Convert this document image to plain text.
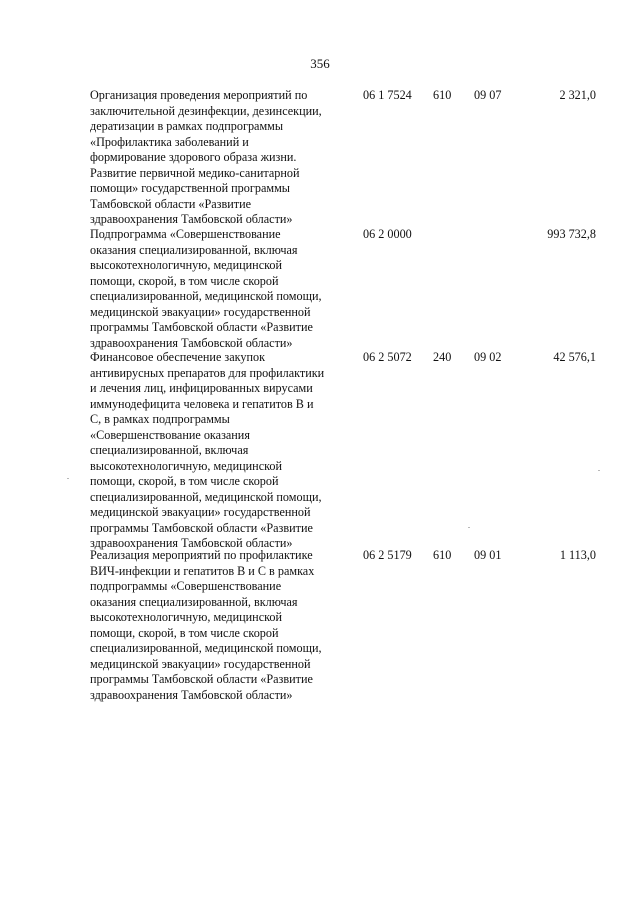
356
Организация проведения мероприятий по
заключительной дезинфекции, дезинсекции,
дератизации в рамках подпрограммы
«Профилактика заболеваний и
формирование здорового образа жизни.
Развитие первичной медико-санитарной
помощи» государственной программы
Тамбовской области «Развитие
здравоохранения Тамбовской области»
06 1 7524 610 09 07	2 321,0
Подпрограмма «Совершенствование
оказания специализированной, включая
высокотехнологичную, медицинской
помощи, скорой, в том числе скорой
специализированной, медицинской помощи,
медицинской эвакуации» государственной
программы Тамбовской области «Развитие
здравоохранения Тамбовской области»
06 2 0000	993 732,8
Финансовое обеспечение закупок
антивирусных препаратов для профилактики
и лечения лиц, инфицированных вирусами
иммунодефицита человека и гепатитов В и
С, в рамках подпрограммы
«Совершенствование оказания
специализированной, включая
высокотехнологичную, медицинской
помощи, скорой, в том числе скорой
специализированной, медицинской помощи,
медицинской эвакуации» государственной
программы Тамбовской области «Развитие
здравоохранения Тамбовской области»
06 2 5072 240 09 02	42 576,1
Реализация мероприятий по профилактике
ВИЧ-инфекции и гепатитов В и С в рамках
подпрограммы «Совершенствование
оказания специализированной, включая
высокотехнологичную, медицинской
помощи, скорой, в том числе скорой
специализированной, медицинской помощи,
медицинской эвакуации» государственной
программы Тамбовской области «Развитие
здравоохранения Тамбовской области»
06 2 5179 610 09 01	1 113,0
